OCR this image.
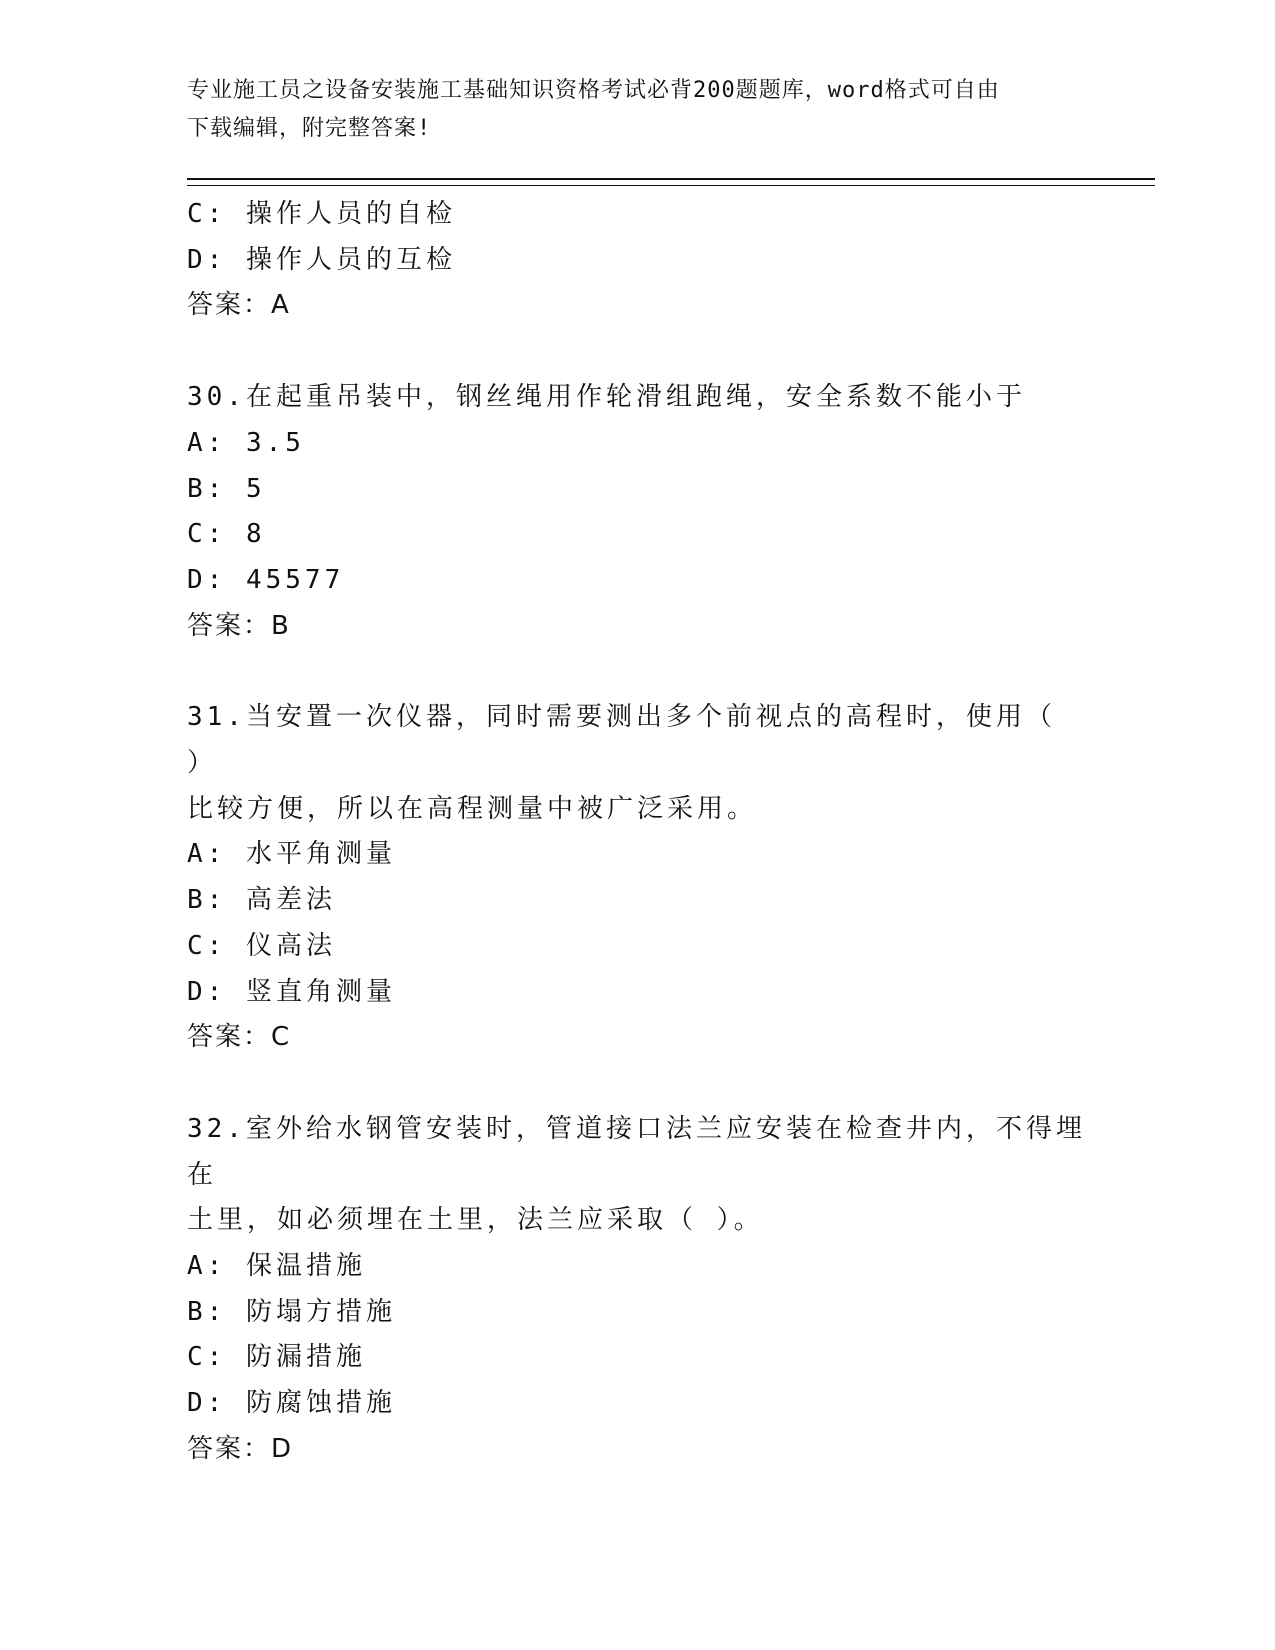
专业施工员之设备安装施工基础知识资格考试必背200题题库，word格式可自由
下载编辑，附完整答案!
C: 操作人员的自检
D: 操作人员的互检
答案：A
30.在起重吊装中，钢丝绳用作轮滑组跑绳，安全系数不能小于
A: 3.5
B: 5
C: 8
D: 45577
答案：B
31.当安置一次仪器，同时需要测出多个前视点的高程时，使用（ ）
比较方便，所以在高程测量中被广泛采用。
A: 水平角测量
B: 高差法
C: 仪高法
D: 竖直角测量
答案：C
32.室外给水钢管安装时，管道接口法兰应安装在检查井内，不得埋在
土里，如必须埋在土里，法兰应采取（ ）。
A: 保温措施
B: 防塌方措施
C: 防漏措施
D: 防腐蚀措施
答案：D
